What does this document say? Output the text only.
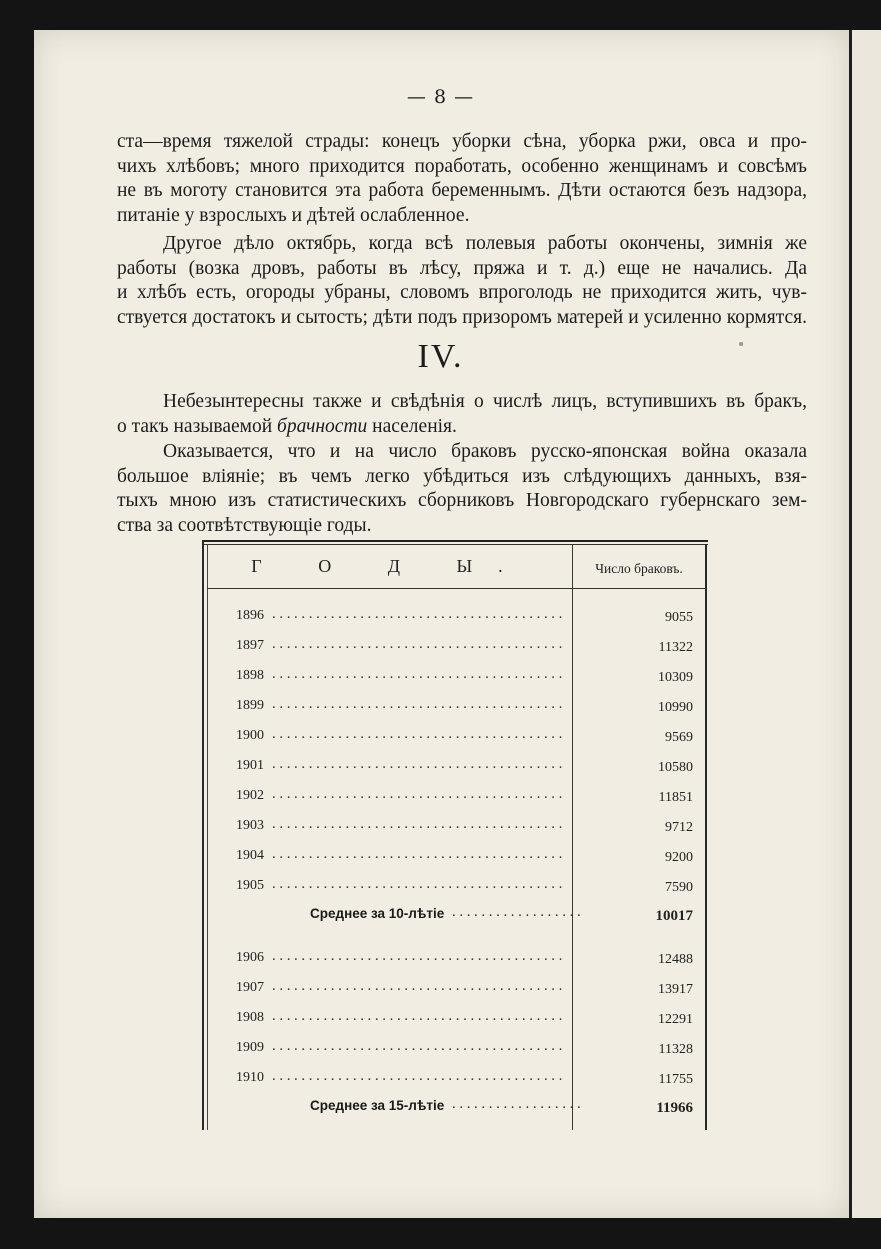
— 8 —
ста—время тяжелой страды: конецъ уборки сѣна, уборка ржи, овса и про-
чихъ хлѣбовъ; много приходится поработать, особенно женщинамъ и совсѣмъ
не въ моготу становится эта работа беременнымъ. Дѣти остаются безъ надзора,
питаніе у взрослыхъ и дѣтей ослабленное.
Другое дѣло октябрь, когда всѣ полевыя работы окончены, зимнія же
работы (возка дровъ, работы въ лѣсу, пряжа и т. д.) еще не начались. Да
и хлѣбъ есть, огороды убраны, словомъ впроголодь не приходится жить, чув-
ствуется достатокъ и сытость; дѣти подъ призоромъ матерей и усиленно кормятся.
IV.
Небезынтересны также и свѣдѣнія о числѣ лицъ, вступившихъ въ бракъ,
о такъ называемой брачности населенія.
Оказывается, что и на число браковъ русско-японская война оказала
большое вліяніе; въ чемъ легко убѣдиться изъ слѣдующихъ данныхъ, взя-
тыхъ мною изъ статистическихъ сборниковъ Новгородскаго губернскаго зем-
ства за соотвѣтствующіе годы.
Г О Д Ы.	Число браковъ.
1896 ........................................	9055
1897 ........................................	11322
1898 ........................................	10309
1899 ........................................	10990
1900 ........................................	9569
1901 ........................................	10580
1902 ........................................	11851
1903 ........................................	9712
1904 ........................................	9200
1905 ........................................	7590
Среднее за 10-лѣтіе ..................	10017
1906 ........................................	12488
1907 ........................................	13917
1908 ........................................	12291
1909 ........................................	11328
1910 ........................................	11755
Среднее за 15-лѣтіе ..................	11966
